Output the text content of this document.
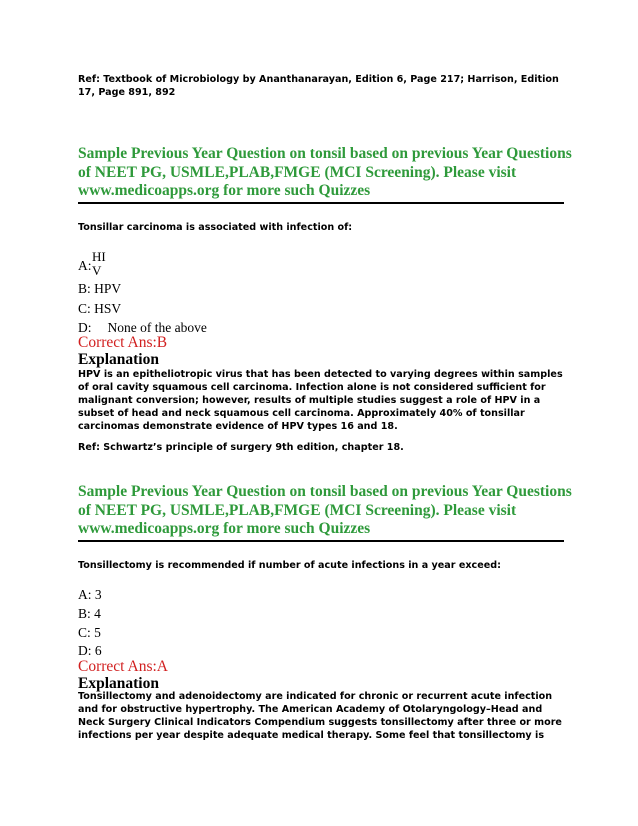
Ref: Textbook of Microbiology by Ananthanarayan, Edition 6, Page 217; Harrison, Edition 17, Page 891, 892
Sample Previous Year Question on tonsil based on previous Year Questions of NEET PG, USMLE,PLAB,FMGE (MCI Screening). Please visit www.medicoapps.org for more such Quizzes
Tonsillar carcinoma is associated with infection of:
A:
HI
V
B: HPV
C: HSV
D: None of the above
Correct Ans:B
Explanation
HPV is an epitheliotropic virus that has been detected to varying degrees within samples of oral cavity squamous cell carcinoma. Infection alone is not considered sufficient for malignant conversion; however, results of multiple studies suggest a role of HPV in a subset of head and neck squamous cell carcinoma. Approximately 40% of tonsillar carcinomas demonstrate evidence of HPV types 16 and 18.
Ref: Schwartz’s principle of surgery 9th edition, chapter 18.
Sample Previous Year Question on tonsil based on previous Year Questions of NEET PG, USMLE,PLAB,FMGE (MCI Screening). Please visit www.medicoapps.org for more such Quizzes
Tonsillectomy is recommended if number of acute infections in a year exceed:
A: 3
B: 4
C: 5
D: 6
Correct Ans:A
Explanation
Tonsillectomy and adenoidectomy are indicated for chronic or recurrent acute infection and for obstructive hypertrophy. The American Academy of Otolaryngology–Head and Neck Surgery Clinical Indicators Compendium suggests tonsillectomy after three or more infections per year despite adequate medical therapy. Some feel that tonsillectomy is
